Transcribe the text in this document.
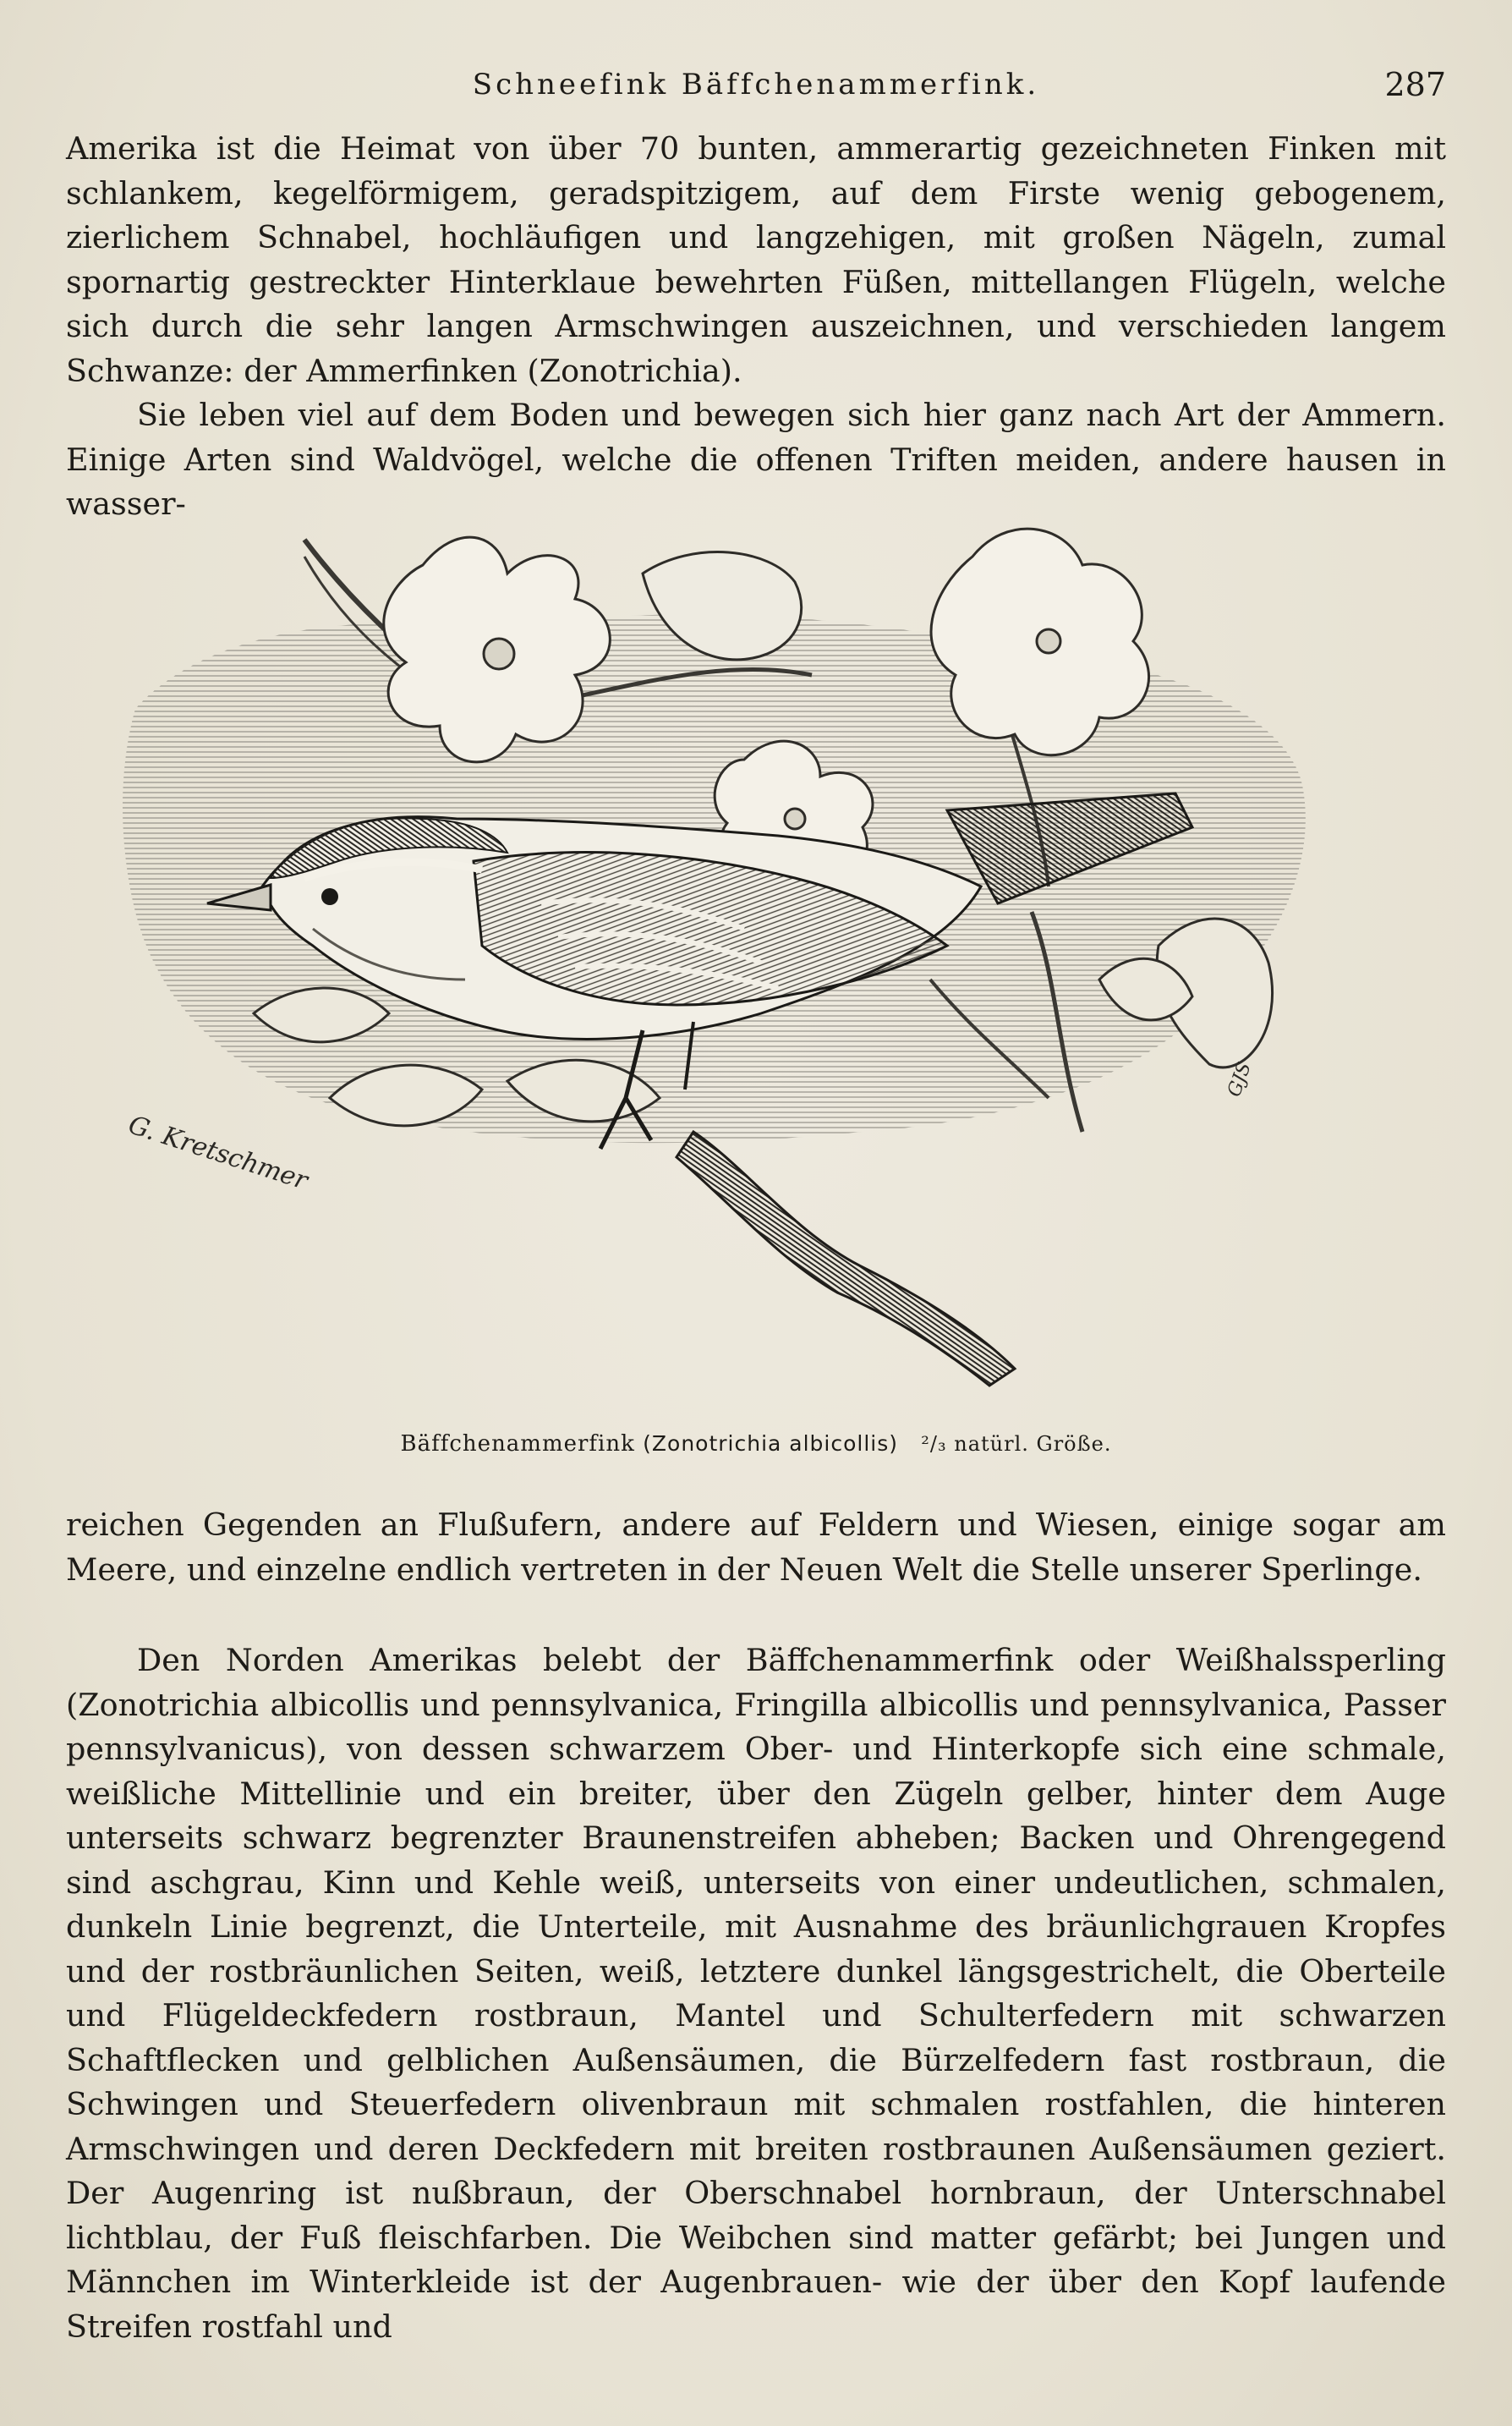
Schneefink Bäffchenammerfink.	287
Amerika ist die Heimat von über 70 bunten, ammerartig gezeichneten Finken mit schlankem, kegelförmigem, geradspitzigem, auf dem Firste wenig gebogenem, zierlichem Schnabel, hochläufigen und langzehigen, mit großen Nägeln, zumal spornartig gestreckter Hinterklaue bewehrten Füßen, mittellangen Flügeln, welche sich durch die sehr langen Armschwingen auszeichnen, und verschieden langem Schwanze: der Ammerfinken (Zonotrichia).
Sie leben viel auf dem Boden und bewegen sich hier ganz nach Art der Ammern. Einige Arten sind Waldvögel, welche die offenen Triften meiden, andere hausen in wasser-
G. Kretschmer
GJS
Bäffchenammerfink (Zonotrichia albicollis) ²/₃ natürl. Größe.

reichen Gegenden an Flußufern, andere auf Feldern und Wiesen, einige sogar am Meere, und einzelne endlich vertreten in der Neuen Welt die Stelle unserer Sperlinge.

Den Norden Amerikas belebt der Bäffchenammerfink oder Weißhalssperling (Zonotrichia albicollis und pennsylvanica, Fringilla albicollis und pennsylvanica, Passer pennsylvanicus), von dessen schwarzem Ober- und Hinterkopfe sich eine schmale, weißliche Mittellinie und ein breiter, über den Zügeln gelber, hinter dem Auge unterseits schwarz begrenzter Braunenstreifen abheben; Backen und Ohrengegend sind aschgrau, Kinn und Kehle weiß, unterseits von einer undeutlichen, schmalen, dunkeln Linie begrenzt, die Unterteile, mit Ausnahme des bräunlichgrauen Kropfes und der rostbräunlichen Seiten, weiß, letztere dunkel längsgestrichelt, die Oberteile und Flügeldeckfedern rostbraun, Mantel und Schulterfedern mit schwarzen Schaftflecken und gelblichen Außensäumen, die Bürzelfedern fast rostbraun, die Schwingen und Steuerfedern olivenbraun mit schmalen rostfahlen, die hinteren Armschwingen und deren Deckfedern mit breiten rostbraunen Außensäumen geziert. Der Augenring ist nußbraun, der Oberschnabel hornbraun, der Unterschnabel lichtblau, der Fuß fleischfarben. Die Weibchen sind matter gefärbt; bei Jungen und Männchen im Winterkleide ist der Augenbrauen- wie der über den Kopf laufende Streifen rostfahl und
